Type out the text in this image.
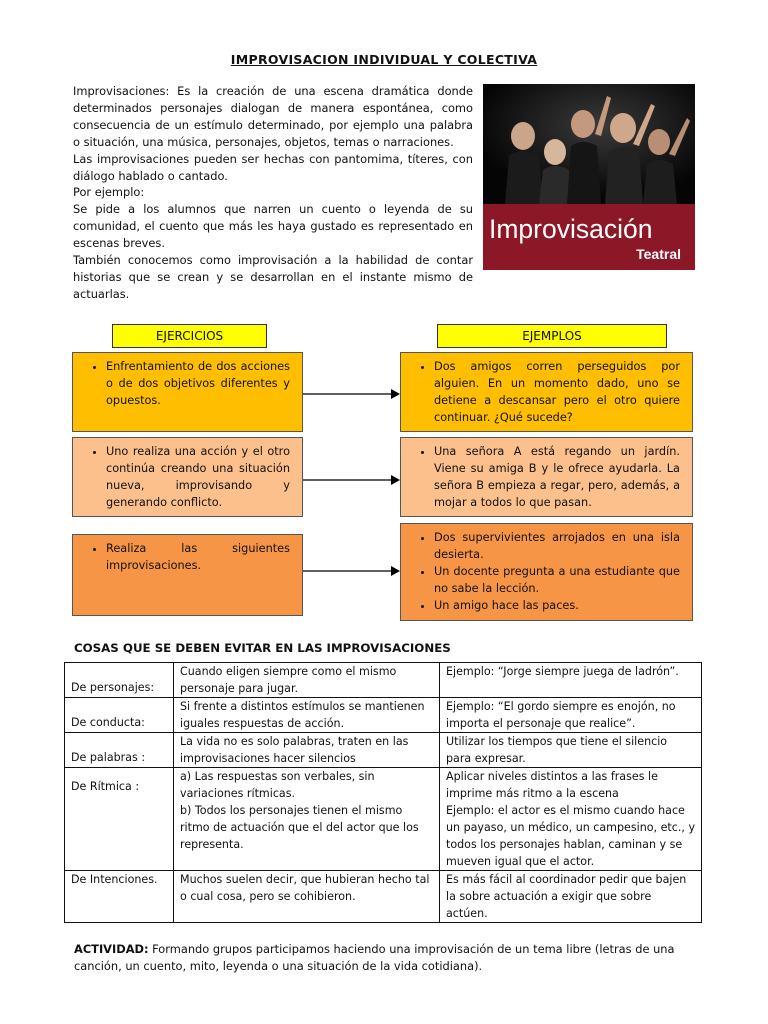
IMPROVISACION INDIVIDUAL Y COLECTIVA

Improvisaciones: Es la creación de una escena dramática donde determinados personajes dialogan de manera espontánea, como consecuencia de un estímulo determinado, por ejemplo una palabra o situación, una música, personajes, objetos, temas o narraciones.

Las improvisaciones pueden ser hechas con pantomima, títeres, con diálogo hablado o cantado.

Por ejemplo:

Se pide a los alumnos que narren un cuento o leyenda de su comunidad, el cuento que más les haya gustado es representado en escenas breves.

También conocemos como improvisación a la habilidad de contar historias que se crean y se desarrollan en el instante mismo de actuarlas.

Improvisación
Teatral
EJERCICIOS	EJEMPLOS
• Enfrentamiento de dos acciones o de dos objetivos diferentes y opuestos.
• Uno realiza una acción y el otro continúa creando una situación nueva, improvisando y generando conflicto.
• Realiza las siguientes improvisaciones.
• Dos amigos corren perseguidos por alguien. En un momento dado, uno se detiene a descansar pero el otro quiere continuar. ¿Qué sucede?
• Una señora A está regando un jardín. Viene su amiga B y le ofrece ayudarla. La señora B empieza a regar, pero, además, a mojar a todos lo que pasan.
• Dos supervivientes arrojados en una isla desierta.
• Un docente pregunta a una estudiante que no sabe la lección.
• Un amigo hace las paces.
COSAS QUE SE DEBEN EVITAR EN LAS IMPROVISACIONES
De personajes:	Cuando eligen siempre como el mismo personaje para jugar.	Ejemplo: “Jorge siempre juega de ladrón”.
De conducta:	Si frente a distintos estímulos se mantienen iguales respuestas de acción.	Ejemplo: “El gordo siempre es enojón, no importa el personaje que realice”.
De palabras :	La vida no es solo palabras, traten en las improvisaciones hacer silencios	Utilizar los tiempos que tiene el silencio para expresar.
De Rítmica :	a) Las respuestas son verbales, sin variaciones rítmicas.
b) Todos los personajes tienen el mismo ritmo de actuación que el del actor que los representa.	Aplicar niveles distintos a las frases le imprime más ritmo a la escena
Ejemplo: el actor es el mismo cuando hace un payaso, un médico, un campesino, etc., y todos los personajes hablan, caminan y se mueven igual que el actor.
De Intenciones.	Muchos suelen decir, que hubieran hecho tal o cual cosa, pero se cohibieron.	Es más fácil al coordinador pedir que bajen la sobre actuación a exigir que sobre actúen.
ACTIVIDAD: Formando grupos participamos haciendo una improvisación de un tema libre (letras de una canción, un cuento, mito, leyenda o una situación de la vida cotidiana).
